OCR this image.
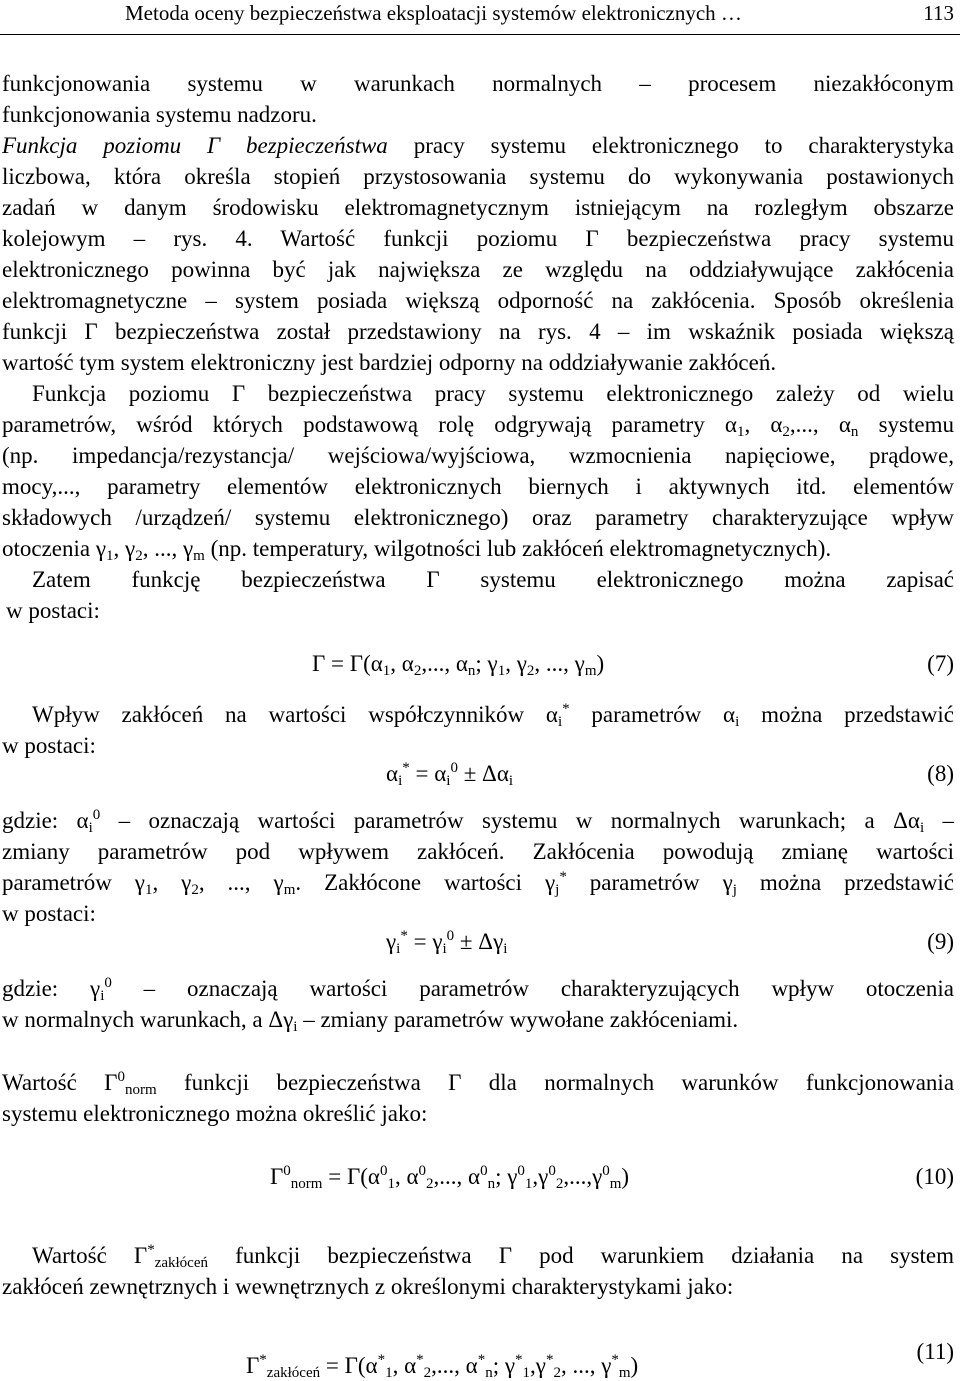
Metoda oceny bezpieczeństwa eksploatacji systemów elektronicznych …	113

funkcjonowania systemu w warunkach normalnych – procesem niezakłóconym

funkcjonowania systemu nadzoru.

Funkcja poziomu Γ bezpieczeństwa pracy systemu elektronicznego to charakterystyka

liczbowa, która określa stopień przystosowania systemu do wykonywania postawionych

zadań w danym środowisku elektromagnetycznym istniejącym na rozległym obszarze

kolejowym – rys. 4. Wartość funkcji poziomu Γ bezpieczeństwa pracy systemu

elektronicznego powinna być jak największa ze względu na oddziaływujące zakłócenia

elektromagnetyczne – system posiada większą odporność na zakłócenia. Sposób określenia

funkcji Γ bezpieczeństwa został przedstawiony na rys. 4 – im wskaźnik posiada większą

wartość tym system elektroniczny jest bardziej odporny na oddziaływanie zakłóceń.

Funkcja poziomu Γ bezpieczeństwa pracy systemu elektronicznego zależy od wielu

parametrów, wśród których podstawową rolę odgrywają parametry $\alpha_1$, $\alpha_2$,..., $\alpha_n$ systemu

(np. impedancja/rezystancja/ wejściowa/wyjściowa, wzmocnienia napięciowe, prądowe,

mocy,..., parametry elementów elektronicznych biernych i aktywnych itd. elementów

składowych /urządzeń/ systemu elektronicznego) oraz parametry charakteryzujące wpływ

otoczenia $\gamma_1$, $\gamma_2$, ..., $\gamma_m$ (np. temperatury, wilgotności lub zakłóceń elektromagnetycznych).

Zatem funkcję bezpieczeństwa Γ systemu elektronicznego można zapisać

w postaci:

$\Gamma = \Gamma(\alpha_1$, $\alpha_2$,..., $\alpha_n$; $\gamma_1$, $\gamma_2$, ..., $\gamma_m$)	(7)

Wpływ zakłóceń na wartości współczynników $\alpha_i^*$ parametrów $\alpha_i$ można przedstawić

w postaci:

$\alpha_i^* = \alpha_i^0 \pm \Delta\alpha_i$	(8)

gdzie: $\alpha_i^0$ – oznaczają wartości parametrów systemu w normalnych warunkach; a $\Delta\alpha_i$ –

zmiany parametrów pod wpływem zakłóceń. Zakłócenia powodują zmianę wartości

parametrów $\gamma_1$, $\gamma_2$, ..., $\gamma_m$. Zakłócone wartości $\gamma_j^*$ parametrów $\gamma_j$ można przedstawić

w postaci:

$\gamma_i^* = \gamma_i^0 \pm \Delta\gamma_i$	(9)

gdzie: $\gamma_i^0$ – oznaczają wartości parametrów charakteryzujących wpływ otoczenia

w normalnych warunkach, a $\Delta\gamma_i$ – zmiany parametrów wywołane zakłóceniami.

Wartość $\Gamma^0_{norm}$ funkcji bezpieczeństwa Γ dla normalnych warunków funkcjonowania

systemu elektronicznego można określić jako:

$\Gamma^0_{norm} = \Gamma(\alpha^0_1$, $\alpha^0_2$,..., $\alpha^0_n$; $\gamma^0_1,\gamma^0_2,...,\gamma^0_m$)	(10)

Wartość $\Gamma^*_{zakłóceń}$ funkcji bezpieczeństwa Γ pod warunkiem działania na system

zakłóceń zewnętrznych i wewnętrznych z określonymi charakterystykami jako:

$\Gamma^*_{zakłóceń} = \Gamma(\alpha^*_1$, $\alpha^*_2$,..., $\alpha^*_n$; $\gamma^*_1,\gamma^*_2$, ..., $\gamma^*_m$)
(11)
